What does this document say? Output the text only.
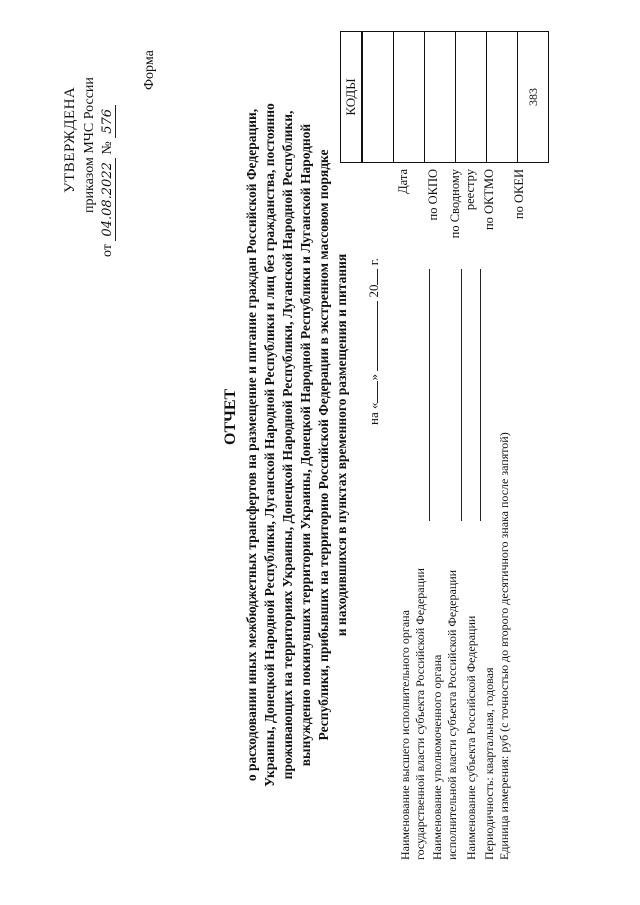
УТВЕРЖДЕНА приказом МЧС России
от 04.08.2022 № 576
Форма
ОТЧЕТ о расходовании иных межбюджетных трансфертов на размещение и питание граждан Российской Федерации, Украины, Донецкой Народной Республики, Луганской Народной Республики и лиц без гражданства, постоянно проживающих на территориях Украины, Донецкой Народной Республики, Луганской Народной Республики, вынужденно покинувших территории Украины, Донецкой Народной Республики и Луганской Народной Республики, прибывших на территорию Российской Федерации в экстренном массовом порядке и находившихся в пунктах временного размещения и питания на «»  20 г.
КОДЫ	383
Дата по ОКПО по Сводному реестру по ОКТМО по ОКЕИ
Наименование высшего исполнительного органа государственной власти субъекта Российской Федерации Наименование уполномоченного органа исполнительной власти субъекта Российской Федерации Наименование субъекта Российской Федерации Периодичность: квартальная, годовая Единица измерения: руб (с точностью до второго десятичного знака после запятой)
